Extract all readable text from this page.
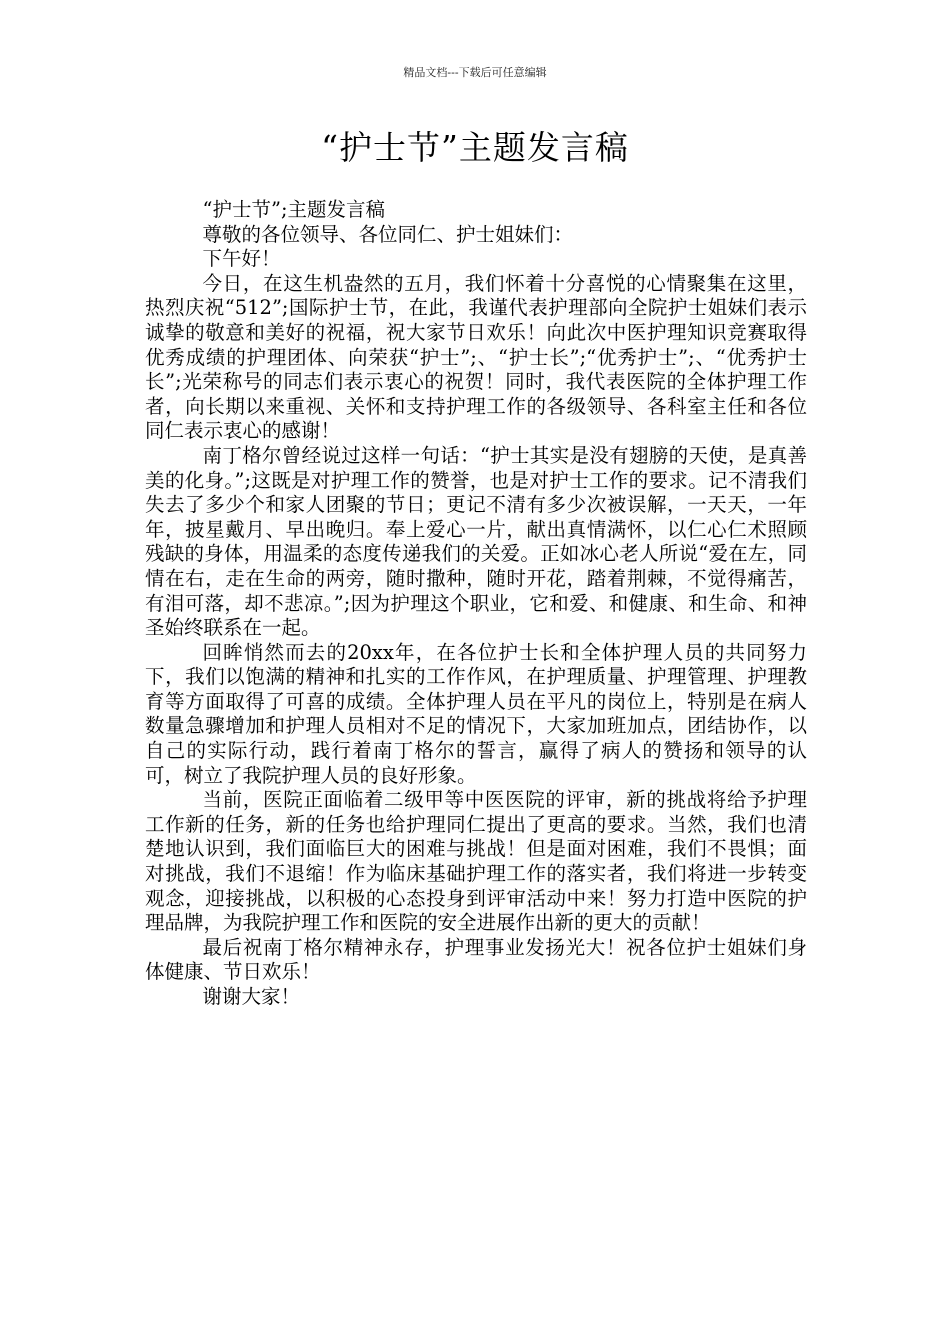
精品文档---下载后可任意编辑
“护士节”主题发言稿

“护士节”;主题发言稿

尊敬的各位领导、各位同仁、护士姐妹们：

下午好！

今日，在这生机盎然的五月，我们怀着十分喜悦的心情聚集在这里，热烈庆祝“512”;国际护士节，在此，我谨代表护理部向全院护士姐妹们表示诚挚的敬意和美好的祝福，祝大家节日欢乐！向此次中医护理知识竞赛取得优秀成绩的护理团体、向荣获“护士”;、“护士长”;“优秀护士”;、“优秀护士长”;光荣称号的同志们表示衷心的祝贺！同时，我代表医院的全体护理工作者，向长期以来重视、关怀和支持护理工作的各级领导、各科室主任和各位同仁表示衷心的感谢！

南丁格尔曾经说过这样一句话：“护士其实是没有翅膀的天使，是真善美的化身。”;这既是对护理工作的赞誉，也是对护士工作的要求。记不清我们失去了多少个和家人团聚的节日；更记不清有多少次被误解，一天天，一年年，披星戴月、早出晚归。奉上爱心一片，献出真情满怀，以仁心仁术照顾残缺的身体，用温柔的态度传递我们的关爱。正如冰心老人所说“爱在左，同情在右，走在生命的两旁，随时撒种，随时开花，踏着荆棘，不觉得痛苦，有泪可落，却不悲凉。”;因为护理这个职业，它和爱、和健康、和生命、和神圣始终联系在一起。

回眸悄然而去的20xx年，在各位护士长和全体护理人员的共同努力下，我们以饱满的精神和扎实的工作作风，在护理质量、护理管理、护理教育等方面取得了可喜的成绩。全体护理人员在平凡的岗位上，特别是在病人数量急骤增加和护理人员相对不足的情况下，大家加班加点，团结协作，以自己的实际行动，践行着南丁格尔的誓言，赢得了病人的赞扬和领导的认可，树立了我院护理人员的良好形象。

当前，医院正面临着二级甲等中医医院的评审，新的挑战将给予护理工作新的任务，新的任务也给护理同仁提出了更高的要求。当然，我们也清楚地认识到，我们面临巨大的困难与挑战！但是面对困难，我们不畏惧；面对挑战，我们不退缩！作为临床基础护理工作的落实者，我们将进一步转变观念，迎接挑战，以积极的心态投身到评审活动中来！努力打造中医院的护理品牌，为我院护理工作和医院的安全进展作出新的更大的贡献！

最后祝南丁格尔精神永存，护理事业发扬光大！祝各位护士姐妹们身体健康、节日欢乐！

谢谢大家！
